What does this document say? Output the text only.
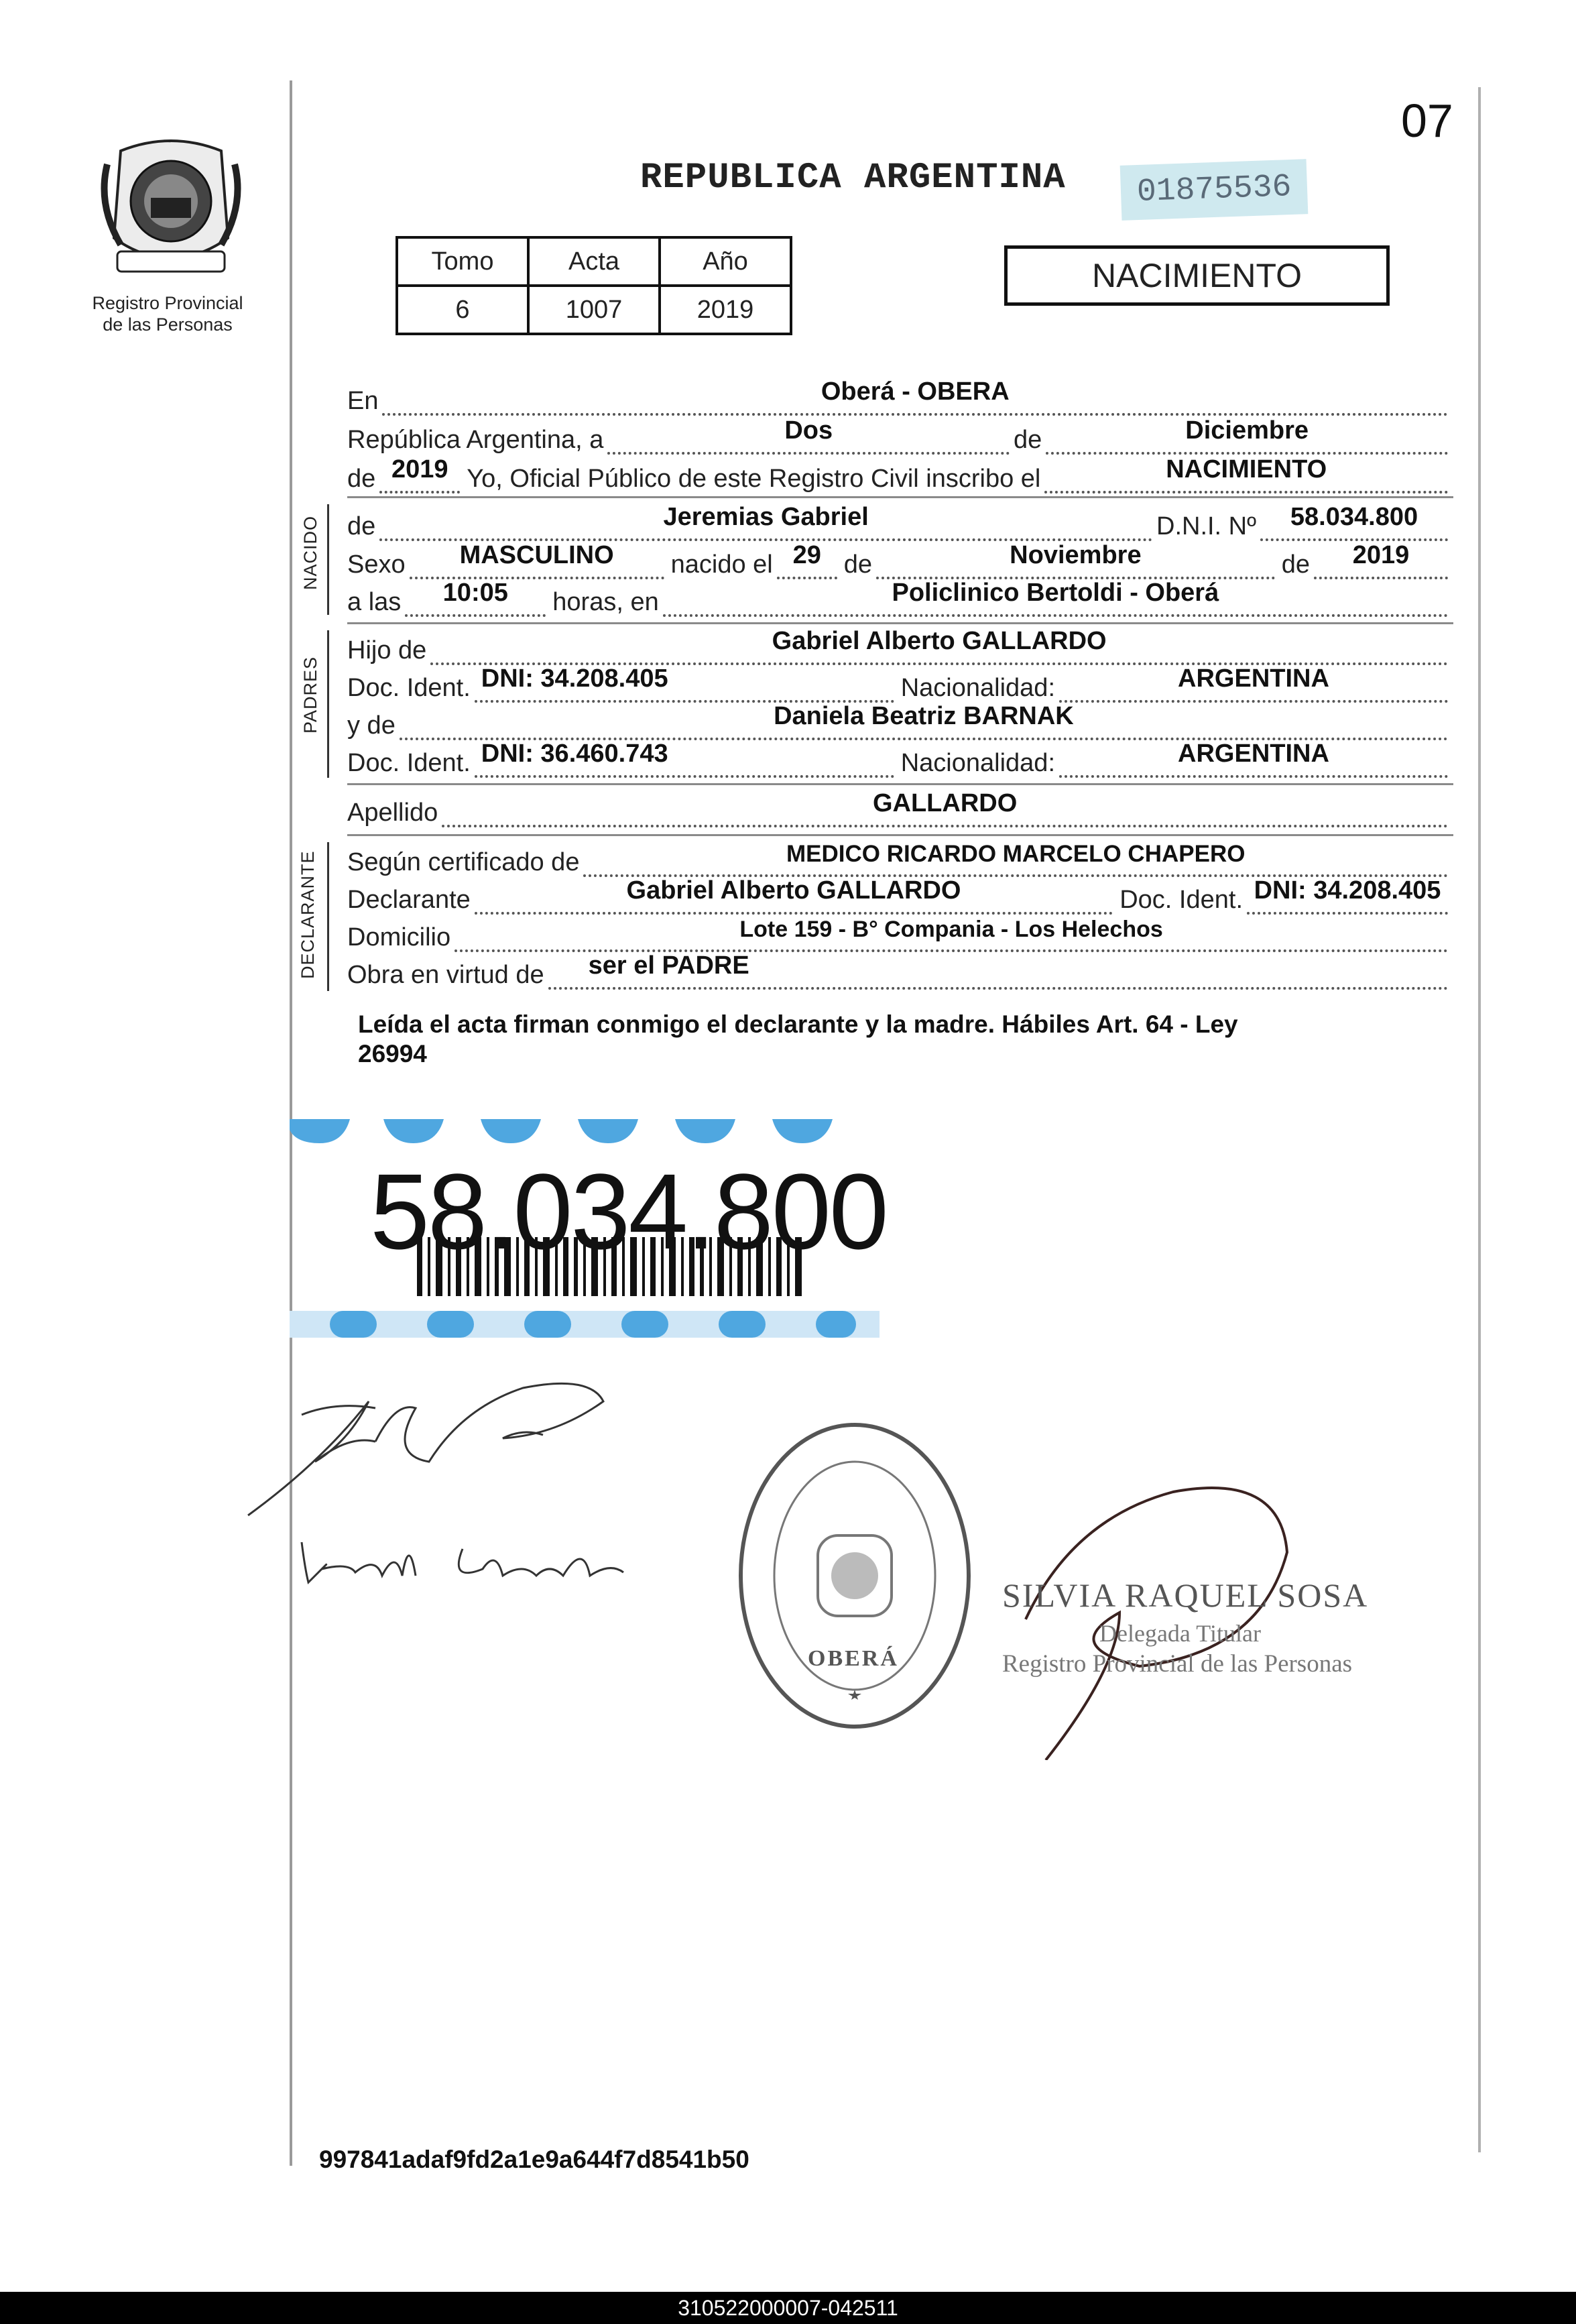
Registro Provincial
de las Personas
07
REPUBLICA ARGENTINA	01875536
Tomo	Acta	Año
6	1007	2019
NACIMIENTO
En	Oberá - OBERA
República Argentina, a	Dos	de	Diciembre
de 2019 Yo, Oficial Público de este Registro Civil inscribo el	NACIMIENTO
NACIDO de	Jeremias Gabriel	D.N.I. Nº 58.034.800
Sexo MASCULINO nacido el 29 de	Noviembre	de 2019
a las 10:05 horas, en	Policlinico Bertoldi - Oberá
PADRES
Hijo de	Gabriel Alberto GALLARDO
Doc. Ident. DNI: 34.208.405	Nacionalidad:	ARGENTINA
y de	Daniela Beatriz BARNAK
Doc. Ident. DNI: 36.460.743	Nacionalidad:	ARGENTINA
Apellido	GALLARDO
DECLARANTE Según certificado de	MEDICO RICARDO MARCELO CHAPERO
Declarante	Gabriel Alberto GALLARDO	Doc. Ident. DNI: 34.208.405
Domicilio	Lote 159 - B° Compania - Los Helechos
Obra en virtud de ser el PADRE
Leída el acta firman conmigo el declarante y la madre. Hábiles Art. 64 - Ley
26994
58.034.800
OBERÁ
SILVIA RAQUEL SOSA
Delegada Titular
Registro Provincial de las Personas
997841adaf9fd2a1e9a644f7d8541b50
310522000007-042511
